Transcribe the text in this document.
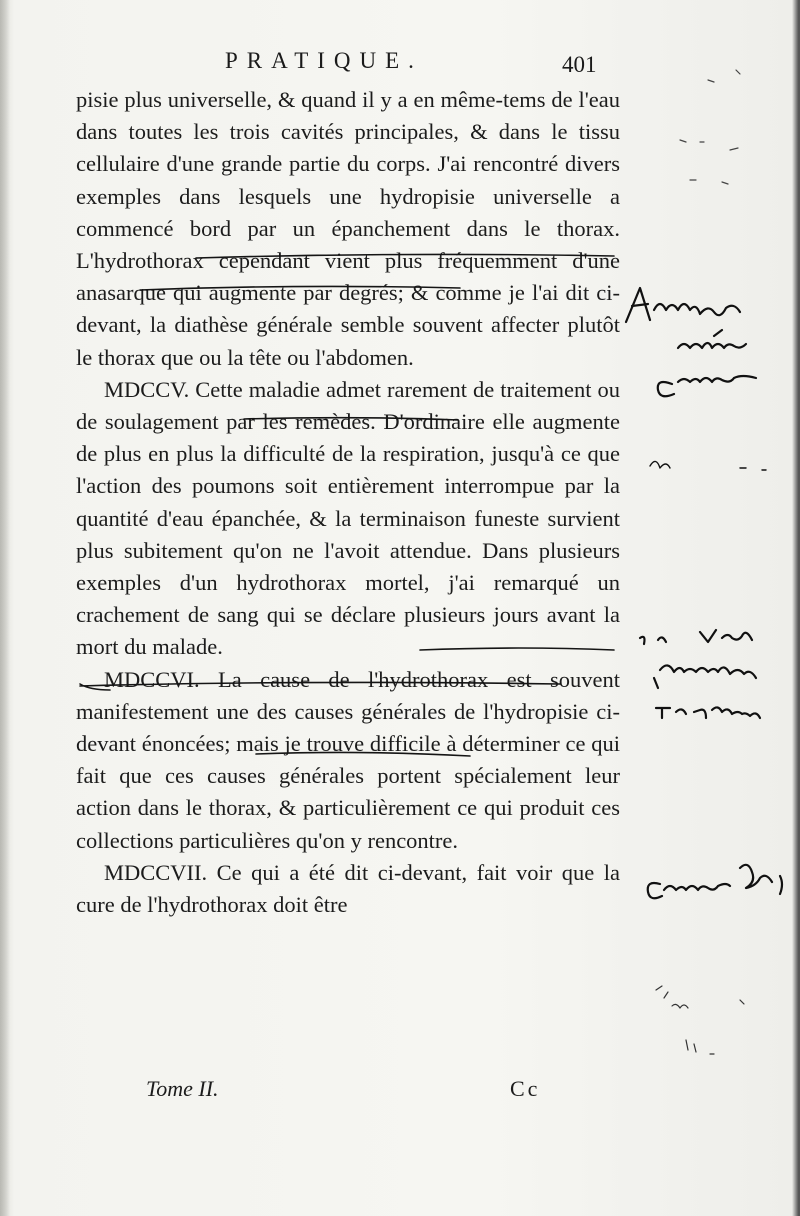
PRATIQUE.	401

pisie plus universelle, & quand il y a en même-tems de l'eau dans toutes les trois cavités principales, & dans le tissu cellulaire d'une grande partie du corps. J'ai rencontré divers exemples dans lesquels une hydropisie universelle a commencé bord par un épanchement dans le thorax. L'hydrothorax cependant vient plus fréquemment d'une anasarque qui augmente par degrés; & comme je l'ai dit ci-devant, la diathèse générale semble souvent affecter plutôt le thorax que ou la tête ou l'abdomen.

MDCCV. Cette maladie admet rarement de traitement ou de soulagement par les remèdes. D'ordinaire elle augmente de plus en plus la difficulté de la respiration, jusqu'à ce que l'action des poumons soit entièrement interrompue par la quantité d'eau épanchée, & la terminaison funeste survient plus subitement qu'on ne l'avoit attendue. Dans plusieurs exemples d'un hydrothorax mortel, j'ai remarqué un crachement de sang qui se déclare plusieurs jours avant la mort du malade.

MDCCVI. La cause de l'hydrothorax est souvent manifestement une des causes générales de l'hydropisie ci-devant énoncées; mais je trouve difficile à déterminer ce qui fait que ces causes générales portent spécialement leur action dans le thorax, & particulièrement ce qui produit ces collections particulières qu'on y rencontre.

MDCCVII. Ce qui a été dit ci-devant, fait voir que la cure de l'hydrothorax doit être

Tome II.	Cc
